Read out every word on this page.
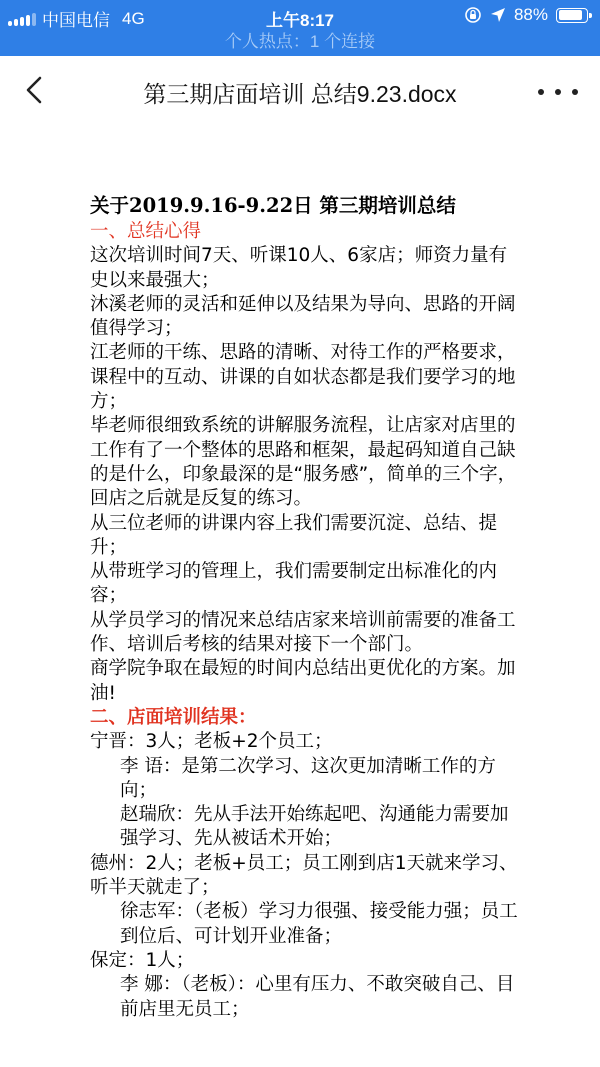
中国电信 4G	上午8:17	88%
个人热点：1 个连接
第三期店面培训 总结9.23.docx
关于2019.9.16-9.22日 第三期培训总结
一、总结心得
这次培训时间7天、听课10人、6家店；师资力量有史以来最强大；
沐溪老师的灵活和延伸以及结果为导向、思路的开阔值得学习；
江老师的干练、思路的清晰、对待工作的严格要求，课程中的互动、讲课的自如状态都是我们要学习的地方；
毕老师很细致系统的讲解服务流程，让店家对店里的工作有了一个整体的思路和框架，最起码知道自己缺的是什么，印象最深的是“服务感”，简单的三个字，回店之后就是反复的练习。
从三位老师的讲课内容上我们需要沉淀、总结、提升；
从带班学习的管理上，我们需要制定出标准化的内容；
从学员学习的情况来总结店家来培训前需要的准备工作、培训后考核的结果对接下一个部门。
商学院争取在最短的时间内总结出更优化的方案。加油!
二、店面培训结果：
宁晋：3人；老板+2个员工；
李 语：是第二次学习、这次更加清晰工作的方向；
赵瑞欣：先从手法开始练起吧、沟通能力需要加强学习、先从被话术开始；
德州：2人；老板+员工；员工刚到店1天就来学习、听半天就走了；
徐志军：（老板）学习力很强、接受能力强；员工到位后、可计划开业准备；
保定：1人；
李 娜：（老板）：心里有压力、不敢突破自己、目前店里无员工；
